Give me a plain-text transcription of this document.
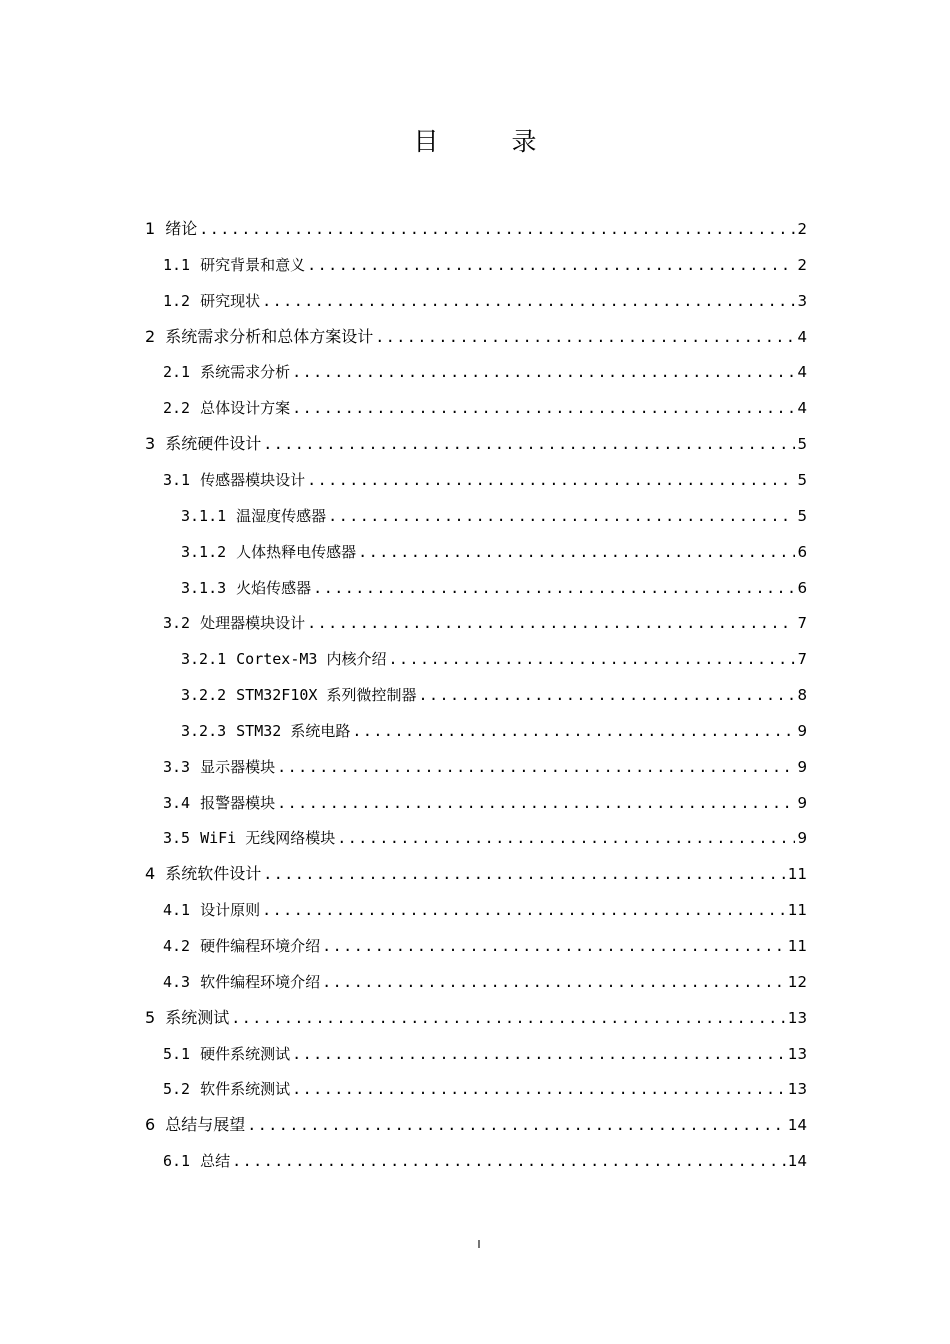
目　录
1 绪论 .....	2
1.1 研究背景和意义 .....	2
1.2 研究现状 .....	3
2 系统需求分析和总体方案设计 .....	4
2.1 系统需求分析 .....	4
2.2 总体设计方案 .....	4
3 系统硬件设计 .....	5
3.1 传感器模块设计 .....	5
3.1.1 温湿度传感器 .....	5
3.1.2 人体热释电传感器 .....	6
3.1.3 火焰传感器 .....	6
3.2 处理器模块设计 .....	7
3.2.1 Cortex-M3 内核介绍 .....	7
3.2.2 STM32F10X 系列微控制器 .....	8
3.2.3 STM32 系统电路 .....	9
3.3 显示器模块 .....	9
3.4 报警器模块 .....	9
3.5 WiFi 无线网络模块 .....	9
4 系统软件设计 .....	11
4.1 设计原则 .....	11
4.2 硬件编程环境介绍 .....	11
4.3 软件编程环境介绍 .....	12
5 系统测试 .....	13
5.1 硬件系统测试 .....	13
5.2 软件系统测试 .....	13
6 总结与展望 .....	14
6.1 总结 .....	14
I
